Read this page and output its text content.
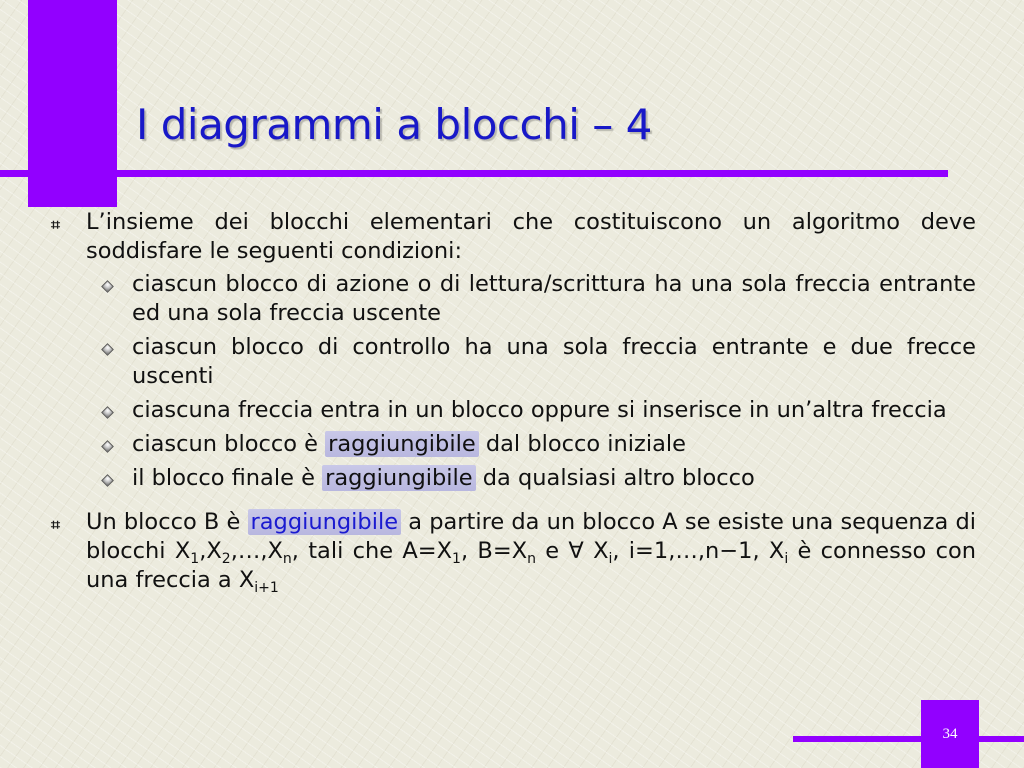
I diagrammi a blocchi – 4

⌗ L’insieme dei blocchi elementari che costituiscono un algoritmo deve soddisfare le seguenti condizioni:

ciascun blocco di azione o di lettura/scrittura ha una sola freccia entrante ed una sola freccia uscente

ciascun blocco di controllo ha una sola freccia entrante e due frecce uscenti

ciascuna freccia entra in un blocco oppure si inserisce in un’altra freccia

ciascun blocco è raggiungibile dal blocco iniziale

il blocco finale è raggiungibile da qualsiasi altro blocco

⌗ Un blocco B è raggiungibile a partire da un blocco A se esiste una sequenza di blocchi $X_1,X_2,\dots,X_n$, tali che $A=X_1$, $B=X_n$ e ∀ $X_i$, i=1,…,n−1, $X_i$ è connesso con una freccia a $X_{i+1}$

34
